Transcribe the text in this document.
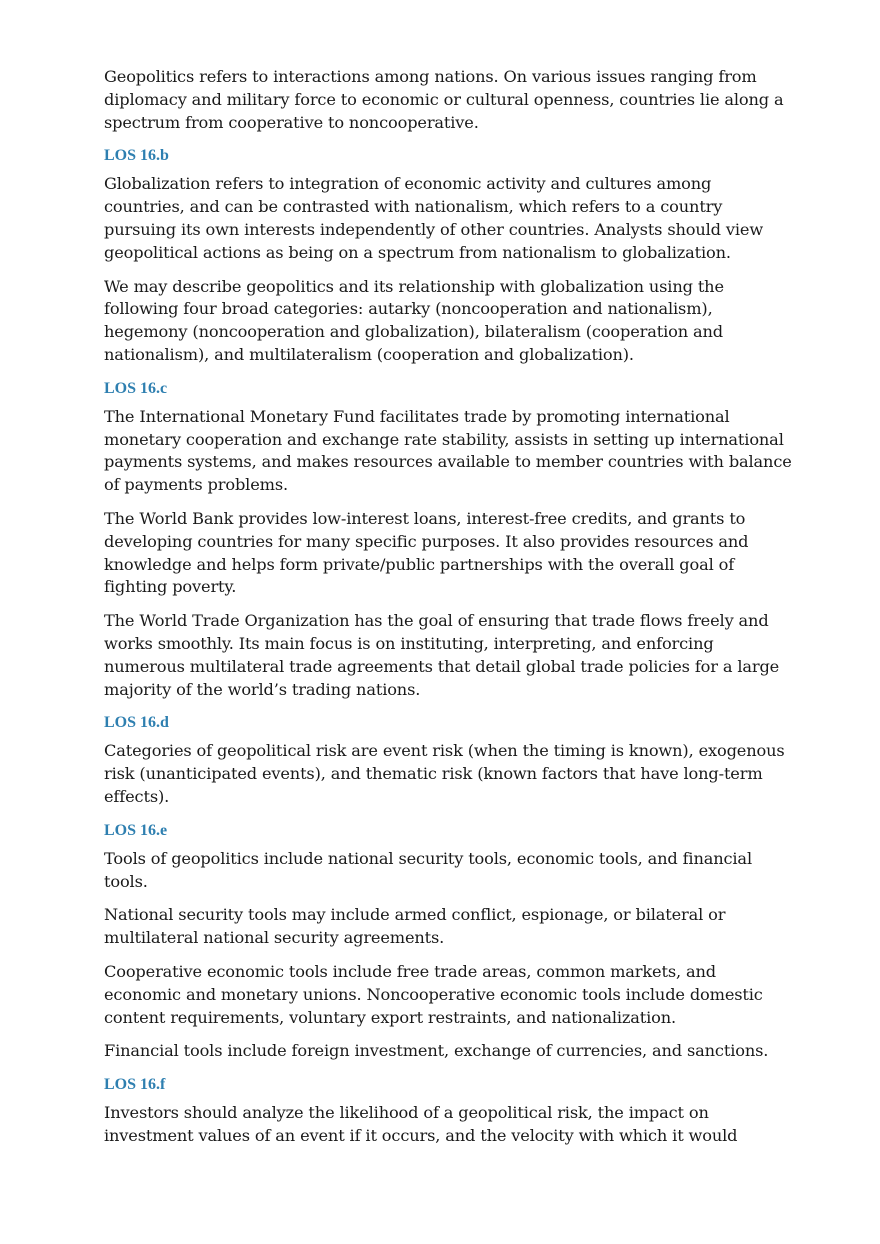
Geopolitics refers to interactions among nations. On various issues ranging from diplomacy and military force to economic or cultural openness, countries lie along a spectrum from cooperative to noncooperative.

LOS 16.b

Globalization refers to integration of economic activity and cultures among countries, and can be contrasted with nationalism, which refers to a country pursuing its own interests independently of other countries. Analysts should view geopolitical actions as being on a spectrum from nationalism to globalization.

We may describe geopolitics and its relationship with globalization using the following four broad categories: autarky (noncooperation and nationalism), hegemony (noncooperation and globalization), bilateralism (cooperation and nationalism), and multilateralism (cooperation and globalization).

LOS 16.c

The International Monetary Fund facilitates trade by promoting international monetary cooperation and exchange rate stability, assists in setting up international payments systems, and makes resources available to member countries with balance of payments problems.

The World Bank provides low-interest loans, interest-free credits, and grants to developing countries for many specific purposes. It also provides resources and knowledge and helps form private/public partnerships with the overall goal of fighting poverty.

The World Trade Organization has the goal of ensuring that trade flows freely and works smoothly. Its main focus is on instituting, interpreting, and enforcing numerous multilateral trade agreements that detail global trade policies for a large majority of the world’s trading nations.

LOS 16.d

Categories of geopolitical risk are event risk (when the timing is known), exogenous risk (unanticipated events), and thematic risk (known factors that have long-term effects).

LOS 16.e

Tools of geopolitics include national security tools, economic tools, and financial tools.

National security tools may include armed conflict, espionage, or bilateral or multilateral national security agreements.

Cooperative economic tools include free trade areas, common markets, and economic and monetary unions. Noncooperative economic tools include domestic content requirements, voluntary export restraints, and nationalization.

Financial tools include foreign investment, exchange of currencies, and sanctions.

LOS 16.f

Investors should analyze the likelihood of a geopolitical risk, the impact on investment values of an event if it occurs, and the velocity with which it would
